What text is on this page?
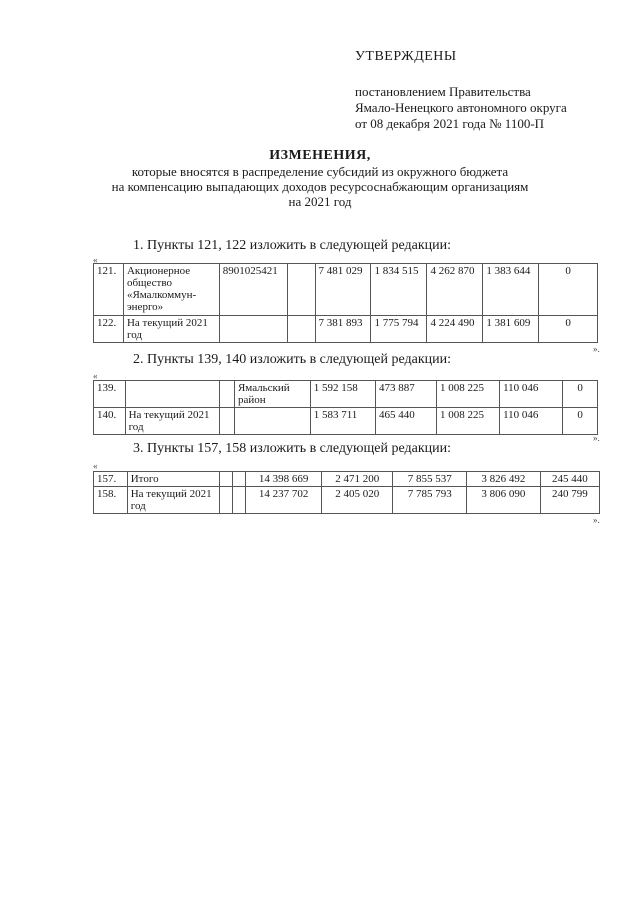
УТВЕРЖДЕНЫ
постановлением Правительства
Ямало-Ненецкого автономного округа
от 08 декабря 2021 года № 1100-П
ИЗМЕНЕНИЯ,
которые вносятся в распределение субсидий из окружного бюджета
на компенсацию выпадающих доходов ресурсоснабжающим организациям
на 2021 год
1. Пункты 121, 122 изложить в следующей редакции:
«
121.	Акционерное общество «Ямалкоммун-энерго»	8901025421		7 481 029	1 834 515	4 262 870	1 383 644	0
122.	На текущий 2021 год			7 381 893	1 775 794	4 224 490	1 381 609	0
».
2. Пункты 139, 140 изложить в следующей редакции:
«
139.			Ямальский район	1 592 158	473 887	1 008 225	110 046	0
140.	На текущий 2021 год			1 583 711	465 440	1 008 225	110 046	0
».
3. Пункты 157, 158 изложить в следующей редакции:
«
157.	Итого			14 398 669	2 471 200	7 855 537	3 826 492	245 440
158.	На текущий 2021 год			14 237 702	2 405 020	7 785 793	3 806 090	240 799
».
